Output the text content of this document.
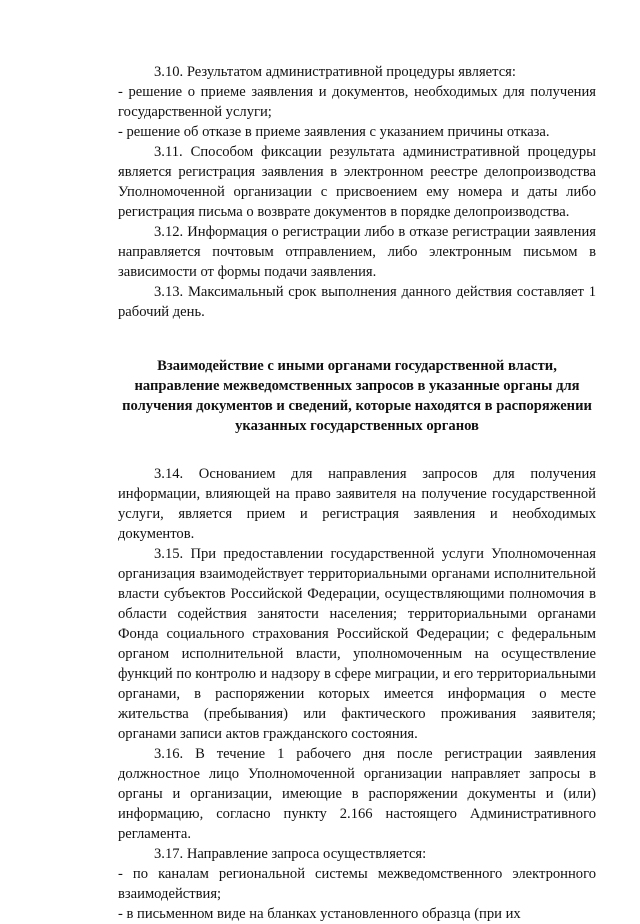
3.10. Результатом административной процедуры является:

- решение о приеме заявления и документов, необходимых для получения государственной услуги;

- решение об отказе в приеме заявления с указанием причины отказа.

3.11. Способом фиксации результата административной процедуры является регистрация заявления в электронном реестре делопроизводства Уполномоченной организации с присвоением ему номера и даты либо регистрация письма о возврате документов в порядке делопроизводства.

3.12. Информация о регистрации либо в отказе регистрации заявления направляется почтовым отправлением, либо электронным письмом в зависимости от формы подачи заявления.

3.13. Максимальный срок выполнения данного действия составляет 1 рабочий день.

Взаимодействие с иными органами государственной власти,
направление межведомственных запросов в указанные органы для
получения документов и сведений, которые находятся в распоряжении
указанных государственных органов

3.14. Основанием для направления запросов для получения информации, влияющей на право заявителя на получение государственной услуги, является прием и регистрация заявления и необходимых документов.

3.15. При предоставлении государственной услуги Уполномоченная организация взаимодействует территориальными органами исполнительной власти субъектов Российской Федерации, осуществляющими полномочия в области содействия занятости населения; территориальными органами Фонда социального страхования Российской Федерации; с федеральным органом исполнительной власти, уполномоченным на осуществление функций по контролю и надзору в сфере миграции, и его территориальными органами, в распоряжении которых имеется информация о месте жительства (пребывания) или фактического проживания заявителя; органами записи актов гражданского состояния.

3.16. В течение 1 рабочего дня после регистрации заявления должностное лицо Уполномоченной организации направляет запросы в органы и организации, имеющие в распоряжении документы и (или) информацию, согласно пункту 2.166 настоящего Административного регламента.

3.17. Направление запроса осуществляется:

- по каналам региональной системы межведомственного электронного взаимодействия;

- в письменном виде на бланках установленного образца (при их
